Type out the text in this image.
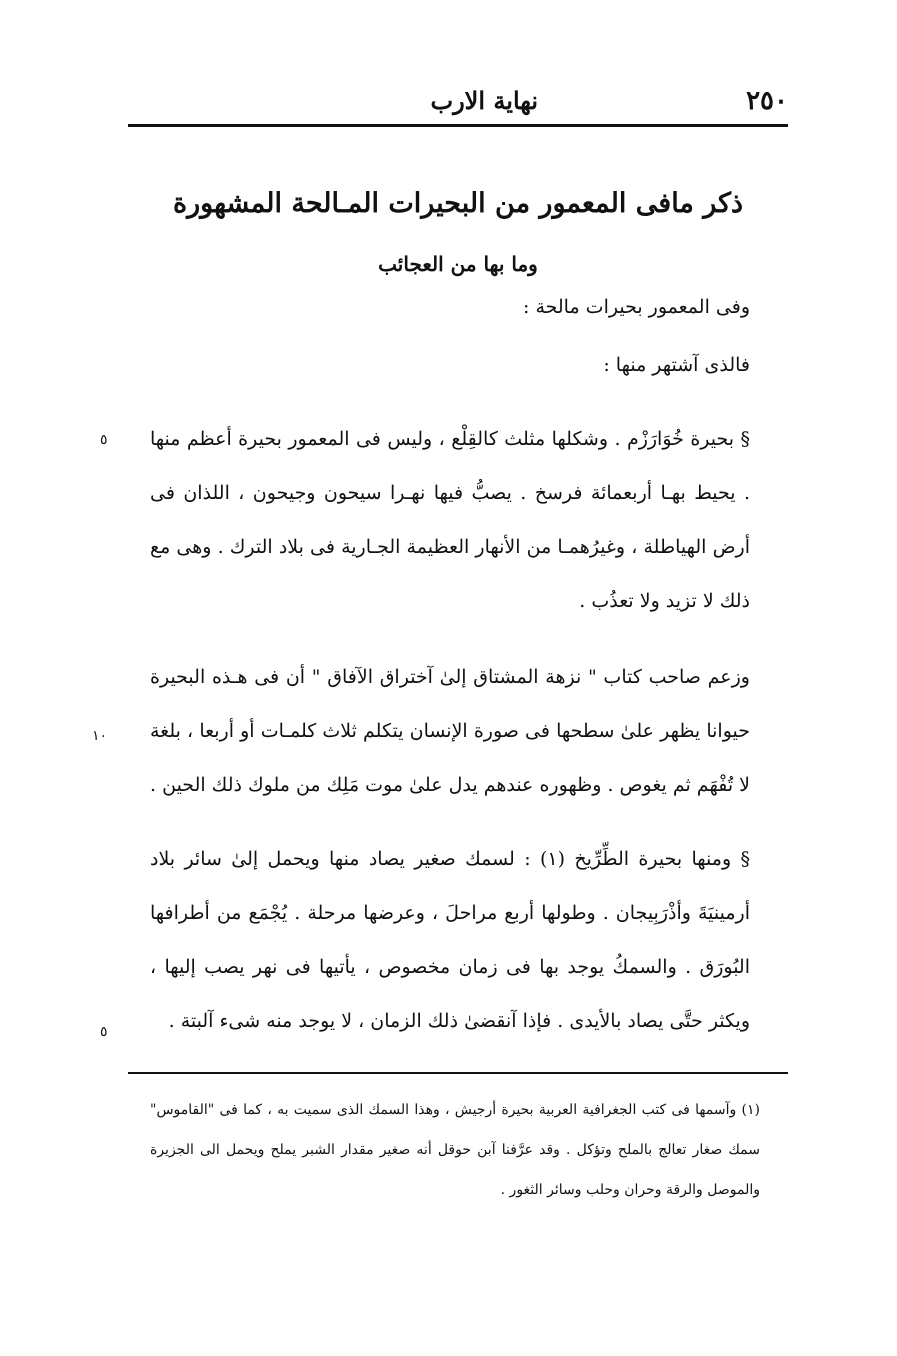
٢٥٠
نهاية الارب
ذكر مافى المعمور من البحيرات المـالحة المشهورة
وما بها من العجائب
وفى المعمور بحيرات مالحة :
فالذى آشتهر منها :
§ بحيرة خُوَارَزْم . وشكلها مثلث كالقِلْع ، وليس فى المعمور بحيرة أعظم منها . يحيط بهـا أربعمائة فرسخ . يصبُّ فيها نهـرا سيحون وجيحون ، اللذان فى أرض الهياطلة ، وغيرُهمـا من الأنهار العظيمة الجـارية فى بلاد الترك . وهى مع ذلك لا تزيد ولا تعذُب .
وزعم صاحب كتاب " نزهة المشتاق إلىٰ آختراق الآفاق " أن فى هـذه البحيرة حيوانا يظهر علىٰ سطحها فى صورة الإنسان يتكلم ثلاث كلمـات أو أربعا ، بلغة لا تُفْهَم ثم يغوص . وظهوره عندهم يدل علىٰ موت مَلِك من ملوك ذلك الحين .
§ ومنها بحيرة الطِّرِّيخ (١) : لسمك صغير يصاد منها ويحمل إلىٰ سائر بلاد أرمينيَةَ وأذْرَبِيجان . وطولها أربع مراحلَ ، وعرضها مرحلة . يُجْمَع من أطرافها البُورَق . والسمكُ يوجد بها فى زمان مخصوص ، يأتيها فى نهر يصب إليها ، ويكثر حتَّى يصاد بالأيدى . فإذا آنقضىٰ ذلك الزمان ، لا يوجد منه شىء آلبتة .
٥
١٠
٥
(١) وآسمها فى كتب الجغرافية العربية بحيرة أرجيش ، وهذا السمك الذى سميت به ، كما فى "القاموس" سمك صغار تعالج بالملح وتؤكل . وقد عرَّفنا آبن حوقل أنه صغير مقدار الشبر يملح ويحمل الى الجزيرة والموصل والرقة وحران وحلب وسائر الثغور .
